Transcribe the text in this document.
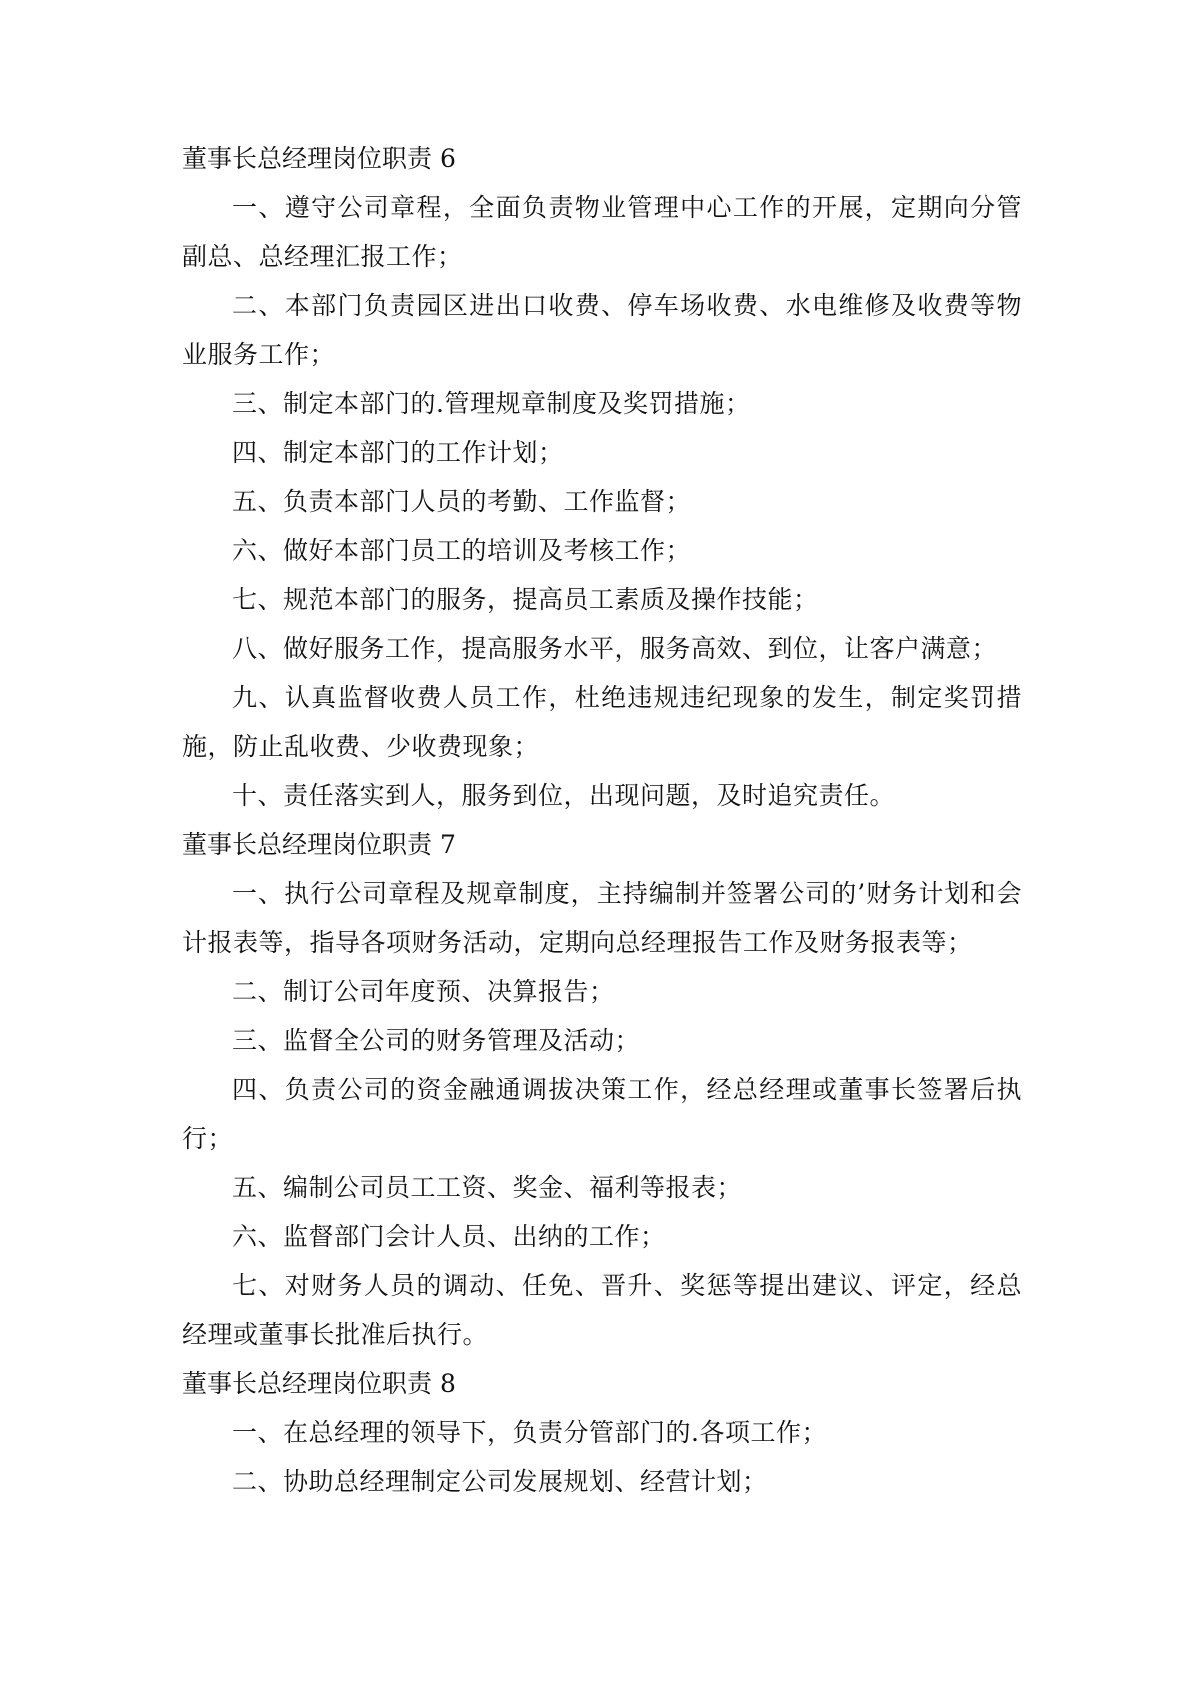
董事长总经理岗位职责 6

一、遵守公司章程，全面负责物业管理中心工作的开展，定期向分管副总、总经理汇报工作；

二、本部门负责园区进出口收费、停车场收费、水电维修及收费等物业服务工作；

三、制定本部门的.管理规章制度及奖罚措施；

四、制定本部门的工作计划；

五、负责本部门人员的考勤、工作监督；

六、做好本部门员工的培训及考核工作；

七、规范本部门的服务，提高员工素质及操作技能；

八、做好服务工作，提高服务水平，服务高效、到位，让客户满意；

九、认真监督收费人员工作，杜绝违规违纪现象的发生，制定奖罚措施，防止乱收费、少收费现象；

十、责任落实到人，服务到位，出现问题，及时追究责任。

董事长总经理岗位职责 7

一、执行公司章程及规章制度，主持编制并签署公司的’财务计划和会计报表等，指导各项财务活动，定期向总经理报告工作及财务报表等；

二、制订公司年度预、决算报告；

三、监督全公司的财务管理及活动；

四、负责公司的资金融通调拔决策工作，经总经理或董事长签署后执行；

五、编制公司员工工资、奖金、福利等报表；

六、监督部门会计人员、出纳的工作；

七、对财务人员的调动、任免、晋升、奖惩等提出建议、评定，经总经理或董事长批准后执行。

董事长总经理岗位职责 8

一、在总经理的领导下，负责分管部门的.各项工作；

二、协助总经理制定公司发展规划、经营计划；
